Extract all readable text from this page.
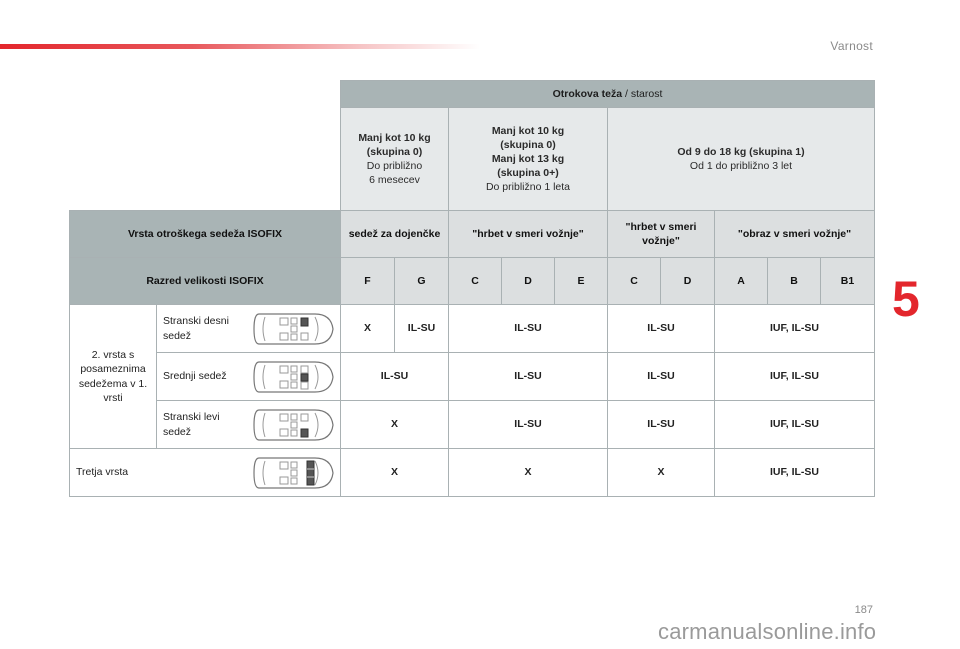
Varnost
5
		Otrokova teža / starost									
		Manj kot 10 kg
(skupina 0)
Do približno
6 mesecev		Manj kot 10 kg
(skupina 0)
Manj kot 13 kg
(skupina 0+)
Do približno 1 leta			Od 9 do 18 kg (skupina 1)
Od 1 do približno 3 let				
Vrsta otroškega sedeža ISOFIX		sedež za dojenčke		"hrbet v smeri vožnje"			"hrbet v smeri vožnje"		"obraz v smeri vožnje"		
Razred velikosti ISOFIX		F	G	C	D	E	C	D	A	B	B1
2. vrsta s posameznima sedežema v 1. vrsti	Stranski desni sedež	X	IL-SU	IL-SU			IL-SU		IUF, IL-SU		

	Srednji sedež	IL-SU		IL-SU			IL-SU		IUF, IL-SU		

	Stranski levi sedež	X		IL-SU			IL-SU		IUF, IL-SU		

Tretja vrsta		X		X			X		IUF, IL-SU		
187
carmanualsonline.info
